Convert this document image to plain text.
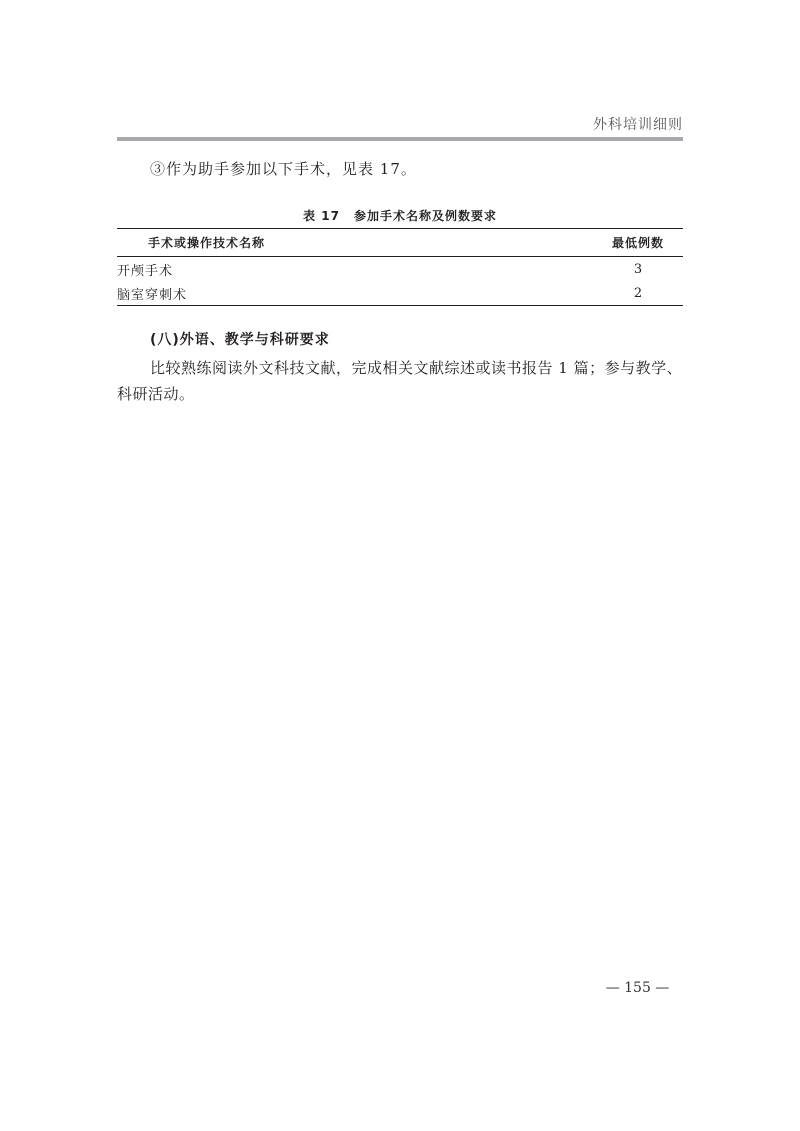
外科培训细则
③作为助手参加以下手术，见表 17。
表 17 参加手术名称及例数要求
手术或操作技术名称	最低例数
开颅手术	3
脑室穿刺术	2
(八)外语、教学与科研要求
比较熟练阅读外文科技文献，完成相关文献综述或读书报告 1 篇；参与教学、科研活动。
— 155 —
